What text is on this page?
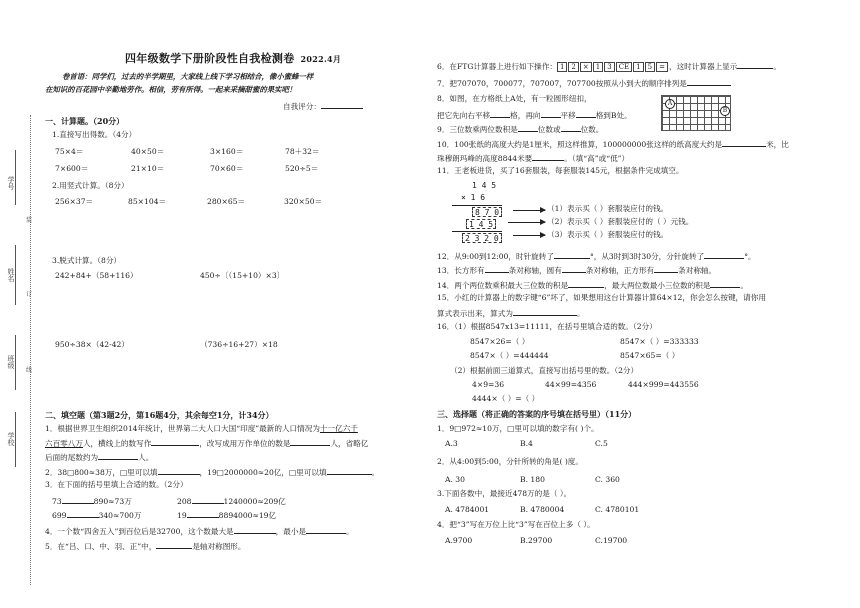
学号
姓名
班级
学校
装
订
线
四年级数学下册阶段性自我检测卷 2022.4月
卷首语：同学们，过去的半学期里，大家线上线下学习相结合，像小蜜蜂一样
在知识的百花园中辛勤地劳作。相信，劳有所得。一起来采摘甜蜜的果实吧！
自我评分：
一、计算题。（20分）
1.直接写出得数。（4分）
75×4＝	40×50＝	3×160＝	78＋32＝
7×600＝	21×10＝	70×60＝	520÷5＝
2.用竖式计算。（8分）
256×37＝	85×104＝	280×65＝	320×50＝
3.脱式计算。（8分）
242+84+（58+116）	450÷〔（15+10）×3〕
950÷38×（42-42）	（736÷16+27）×18
二、填空题（第3题2分，第16题4分，其余每空1分，计34分）
1．根据世界卫生组织2014年统计，世界第二大人口大国“印度”最新的人口情况为十一亿六千
六百零八万人，横线上的数写作	，改写成用万作单位的数是	人，省略亿
后面的尾数约为	人。
2．38□800≈38万，□里可以填	，19□2000000≈20亿，□里可以填	。
3．在下面的括号里填上合适的数。（2分）
73	890≈73万	208	1240000≈209亿
699	340≈700万	19	8894000≈19亿
4．一个数“四舍五入”到百位后是32700，这个数最大是	，最小是	。
5．在“吕、口、中、羽、正”中，	是轴对称图形。
6．在FTG计算器上进行如下操作： 1 2 × 1 3 CE 1 5 = ，这时计算器上显示	。
7．把707070，700077，707007，707700按照从小到大的顺序排列是
8．如图，在方格纸上A处，有一粒圆形纽扣，
把它先向右平移	格，再向	平移	格到B处。
A
B
9．三位数乘两位数积是	位数或	位数。
10．100张纸的高度大约是1厘米，照这样推算，100000000张这样的纸高度大约是	米，比
珠穆朗玛峰的高度8844米要	。（填“高”或“低”）
11．王老板进货，买了16套服装，每套服装145元，根据条件完成填空。
1 4 5
× 1 6
8 7 0
1 4 5
2 3 2 0
（1）表示买（ ）套服装应付的钱。
（2）表示买（ ）套服装应付的（ ）元钱。
（3）表示买（ ）套服装应付的钱。
12．从9:00到12:00，时针旋转了	°，从3时到3时30分，分针旋转了	°。
13．长方形有	条对称轴，圆有	条对称轴，正方形有	条对称轴。
14．两个两位数乘积最大三位数的积是	，最大两位数最小三位数的积是	。
15．小红的计算器上的数字键“6”坏了，如果想用这台计算器计算64×12，你会怎么按键，请你用
算式表示出来，算式为	。
16．（1）根据8547x13=11111，在括号里填合适的数。（2分）
8547×26=（ ）	8547×（ ）=333333
8547×（ ）=444444	8547×65=（ ）
（2）根据前面三道算式，直接写出括号里的数。（2分）
4×9=36	44×99=4356	444×999=443556
4444×（ ）=（ ）
三、选择题（将正确的答案的序号填在括号里）（11分）
1．9□972≈10万，□里可以填的数字有( )个。
A.3	B.4	C.5
2．从4:00到5:00，分针所转的角是( )度。
A. 30	B. 180	C. 360
3.下面各数中，最接近478万的是（ ）。
A. 4784001	B. 4780004	C. 4780101
4．把“3”写在万位上比“3”写在百位上多（ ）。
A.9700	B.29700	C.19700
